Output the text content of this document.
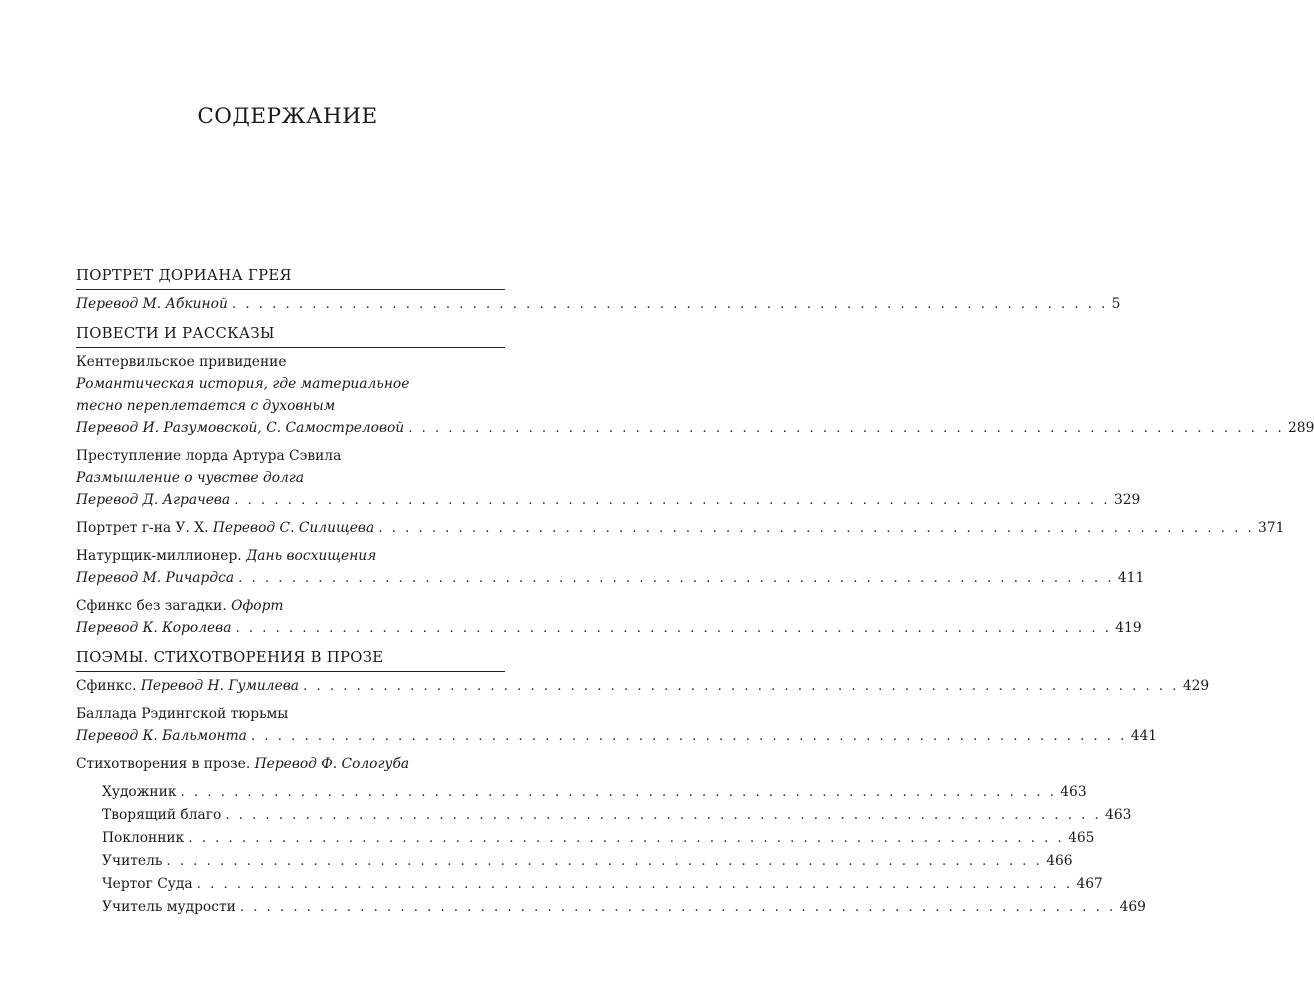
СОДЕРЖАНИЕ
ПОРТРЕТ ДОРИАНА ГРЕЯ
Перевод М. Абкиной . . . . . . . . . . . . . . . . . . . . . . . . . . . . . . . . . . . . . . . . . . . . . . . . . . . . . . . . . . . . . . . . . . 5
ПОВЕСТИ И РАССКАЗЫ
Кентервильское привидение
Романтическая история, где материальное
тесно переплетается с духовным
Перевод И. Разумовской, С. Самостреловой . . . . . . . . . . . . . . . . . . . . . . . . . . . . . . . . . . . . . . . . . . . . . . . . . . . . . . . . . . . . . . . . . . 289
Преступление лорда Артура Сэвила
Размышление о чувстве долга
Перевод Д. Аграчева . . . . . . . . . . . . . . . . . . . . . . . . . . . . . . . . . . . . . . . . . . . . . . . . . . . . . . . . . . . . . . . . . . 329
Портрет г-на У. Х.
Перевод С. Силищева . . . . . . . . . . . . . . . . . . . . . . . . . . . . . . . . . . . . . . . . . . . . . . . . . . . . . . . . . . . . . . . . . . 371
Натурщик-миллионер.
Дань восхищения
Перевод М. Ричардса . . . . . . . . . . . . . . . . . . . . . . . . . . . . . . . . . . . . . . . . . . . . . . . . . . . . . . . . . . . . . . . . . . 411
Сфинкс без загадки.
Офорт
Перевод К. Королева . . . . . . . . . . . . . . . . . . . . . . . . . . . . . . . . . . . . . . . . . . . . . . . . . . . . . . . . . . . . . . . . . . 419
ПОЭМЫ. СТИХОТВОРЕНИЯ В ПРОЗЕ
Сфинкс.
Перевод Н. Гумилева . . . . . . . . . . . . . . . . . . . . . . . . . . . . . . . . . . . . . . . . . . . . . . . . . . . . . . . . . . . . . . . . . . 429
Баллада Рэдингской тюрьмы
Перевод К. Бальмонта . . . . . . . . . . . . . . . . . . . . . . . . . . . . . . . . . . . . . . . . . . . . . . . . . . . . . . . . . . . . . . . . . . 441
Стихотворения в прозе.
Перевод Ф. Сологуба
Художник . . . . . . . . . . . . . . . . . . . . . . . . . . . . . . . . . . . . . . . . . . . . . . . . . . . . . . . . . . . . . . . . . . 463
Творящий благо . . . . . . . . . . . . . . . . . . . . . . . . . . . . . . . . . . . . . . . . . . . . . . . . . . . . . . . . . . . . . . . . . . 463
Поклонник . . . . . . . . . . . . . . . . . . . . . . . . . . . . . . . . . . . . . . . . . . . . . . . . . . . . . . . . . . . . . . . . . . 465
Учитель . . . . . . . . . . . . . . . . . . . . . . . . . . . . . . . . . . . . . . . . . . . . . . . . . . . . . . . . . . . . . . . . . . 466
Чертог Суда . . . . . . . . . . . . . . . . . . . . . . . . . . . . . . . . . . . . . . . . . . . . . . . . . . . . . . . . . . . . . . . . . . 467
Учитель мудрости . . . . . . . . . . . . . . . . . . . . . . . . . . . . . . . . . . . . . . . . . . . . . . . . . . . . . . . . . . . . . . . . . . 469
